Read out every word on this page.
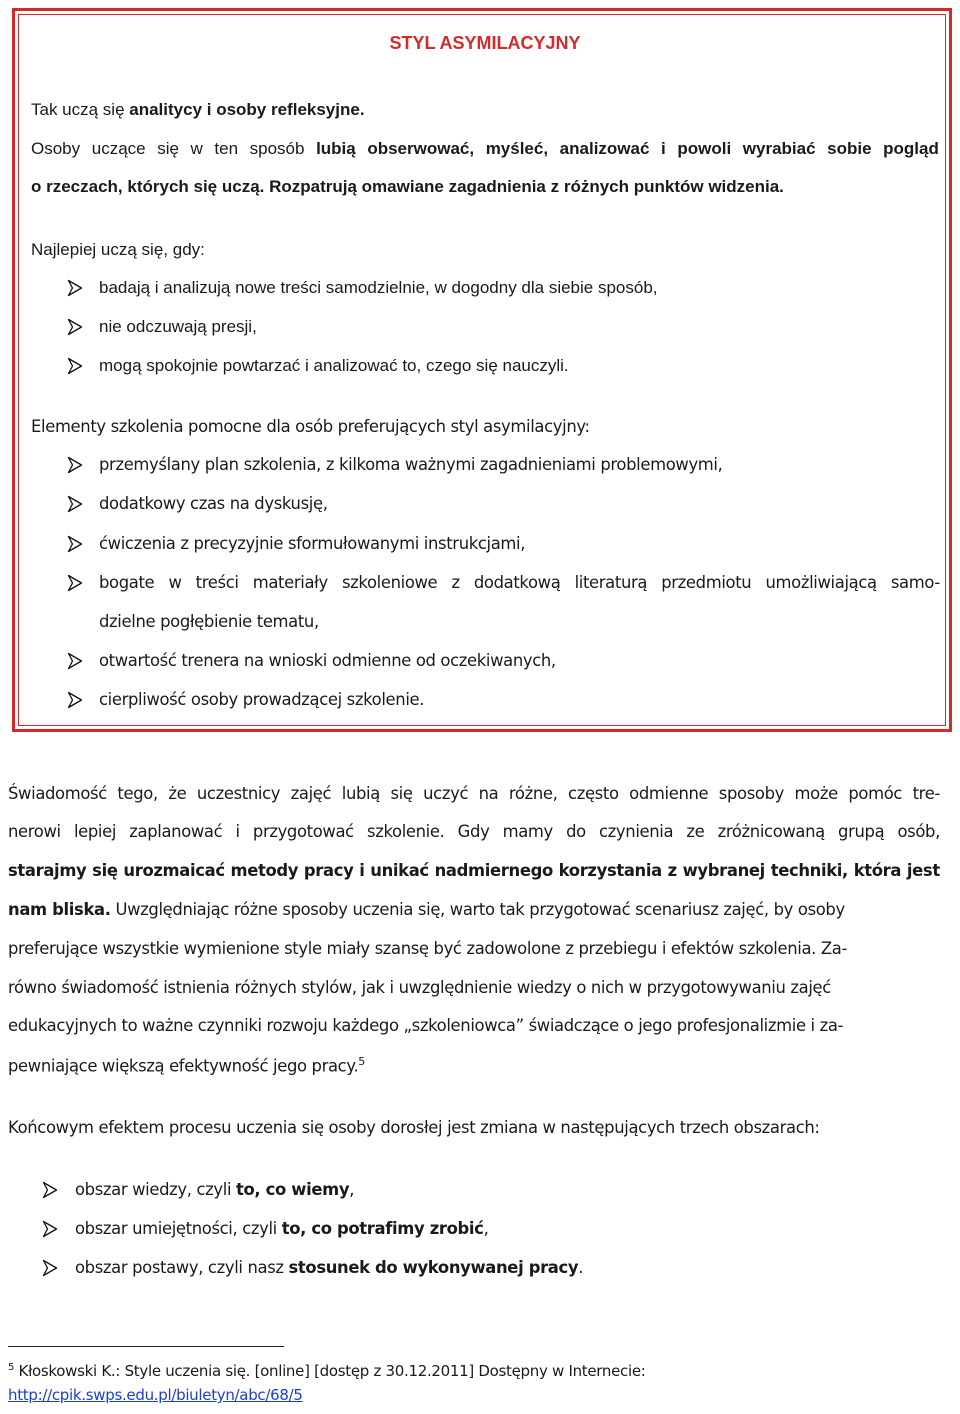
STYL ASYMILACYJNY
Tak uczą się analitycy i osoby refleksyjne.
Osoby uczące się w ten sposób lubią obserwować, myśleć, analizować i powoli wyrabiać sobie pogląd
o rzeczach, których się uczą. Rozpatrują omawiane zagadnienia z różnych punktów widzenia.
Najlepiej uczą się, gdy:
badają i analizują nowe treści samodzielnie, w dogodny dla siebie sposób,
nie odczuwają presji,
mogą spokojnie powtarzać i analizować to, czego się nauczyli.
Elementy szkolenia pomocne dla osób preferujących styl asymilacyjny:
przemyślany plan szkolenia, z kilkoma ważnymi zagadnieniami problemowymi,
dodatkowy czas na dyskusję,
ćwiczenia z precyzyjnie sformułowanymi instrukcjami,
bogate w treści materiały szkoleniowe z dodatkową literaturą przedmiotu umożliwiającą samo-
dzielne pogłębienie tematu,
otwartość trenera na wnioski odmienne od oczekiwanych,
cierpliwość osoby prowadzącej szkolenie.
Świadomość tego, że uczestnicy zajęć lubią się uczyć na różne, często odmienne sposoby może pomóc tre-
nerowi lepiej zaplanować i przygotować szkolenie. Gdy mamy do czynienia ze zróżnicowaną grupą osób,
starajmy się urozmaicać metody pracy i unikać nadmiernego korzystania z wybranej techniki, która jest
nam bliska. Uwzględniając różne sposoby uczenia się, warto tak przygotować scenariusz zajęć, by osoby
preferujące wszystkie wymienione style miały szansę być zadowolone z przebiegu i efektów szkolenia. Za-
równo świadomość istnienia różnych stylów, jak i uwzględnienie wiedzy o nich w przygotowywaniu zajęć
edukacyjnych to ważne czynniki rozwoju każdego „szkoleniowca” świadczące o jego profesjonalizmie i za-
pewniające większą efektywność jego pracy.$^5$
Końcowym efektem procesu uczenia się osoby dorosłej jest zmiana w następujących trzech obszarach:
obszar wiedzy, czyli to, co wiemy,
obszar umiejętności, czyli to, co potrafimy zrobić,
obszar postawy, czyli nasz stosunek do wykonywanej pracy.
$^5$ Kłoskowski K.: Style uczenia się. [online] [dostęp z 30.12.2011] Dostępny w Internecie:
http://cpik.swps.edu.pl/biuletyn/abc/68/5
